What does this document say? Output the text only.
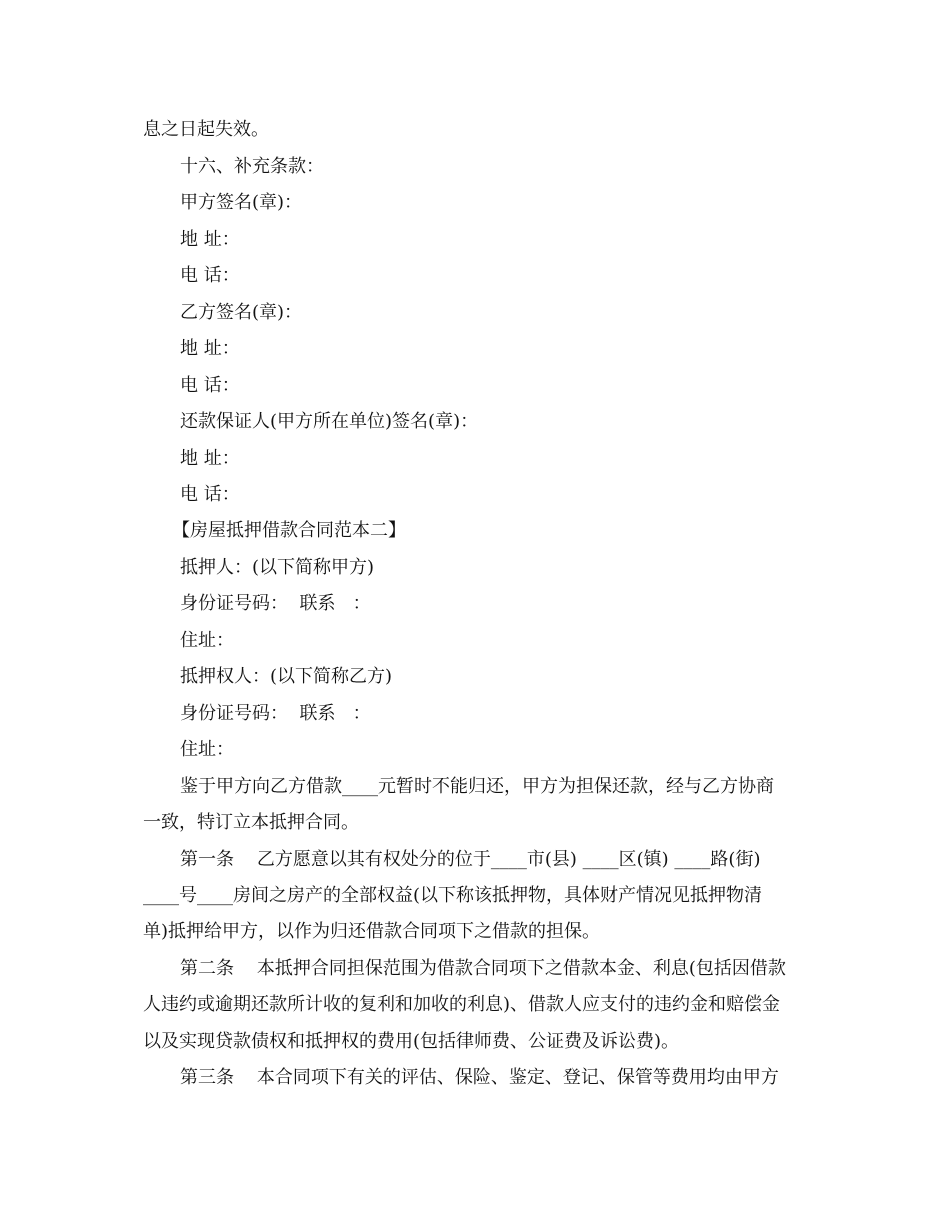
息之日起失效。
十六、补充条款：
甲方签名(章)：
地 址：
电 话：
乙方签名(章)：
地 址：
电 话：
还款保证人(甲方所在单位)签名(章)：
地 址：
电 话：
【房屋抵押借款合同范本二】
抵押人：(以下简称甲方)
身份证号码：  联系   ：
住址：
抵押权人：(以下简称乙方)
身份证号码：  联系   ：
住址：
鉴于甲方向乙方借款____元暂时不能归还，甲方为担保还款，经与乙方协商
一致，特订立本抵押合同。
第一条    乙方愿意以其有权处分的位于____市(县) ____区(镇) ____路(街)
____号____房间之房产的全部权益(以下称该抵押物，具体财产情况见抵押物清
单)抵押给甲方，以作为归还借款合同项下之借款的担保。
第二条    本抵押合同担保范围为借款合同项下之借款本金、利息(包括因借款
人违约或逾期还款所计收的复利和加收的利息)、借款人应支付的违约金和赔偿金
以及实现贷款债权和抵押权的费用(包括律师费、公证费及诉讼费)。
第三条    本合同项下有关的评估、保险、鉴定、登记、保管等费用均由甲方
